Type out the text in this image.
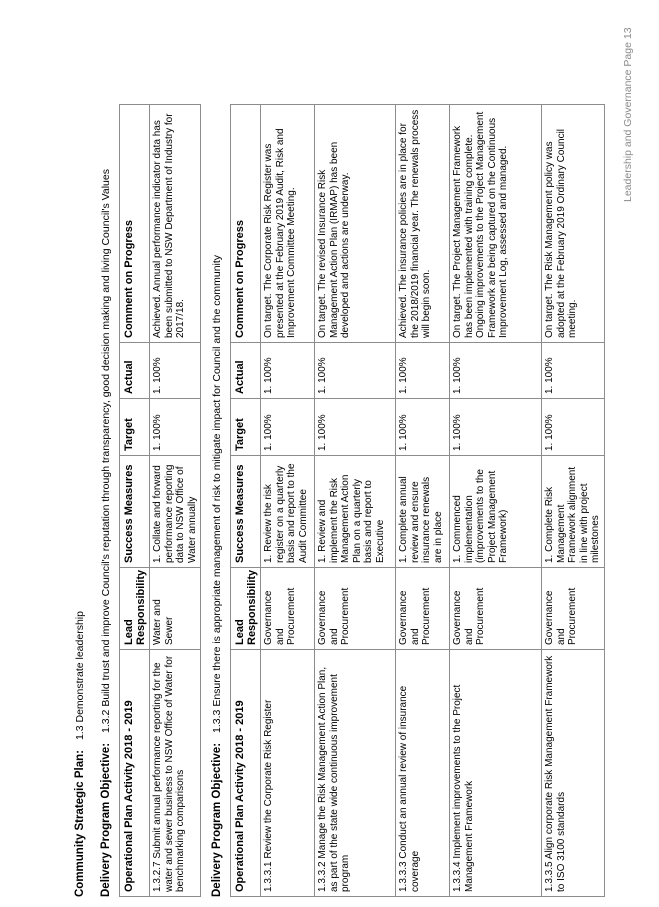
Community Strategic Plan:1.3 Demonstrate leadership
Delivery Program Objective:1.3.2 Build trust and improve Council's reputation through transparency, good decision making and living Council's Values
Operational Plan Activity 2018 - 2019	Lead Responsibility	Success Measures	Target	Actual	Comment on Progress
1.3.2.7 Submit annual performance reporting for the water and sewer business to NSW Office of Water for benchmarking comparisons	Water and Sewer	1. Collate and forward performance reporting data to NSW Office of Water annually	1. 100%	1. 100%	Achieved. Annual performance indicator data has been submitted to NSW Department of Industry for 2017/18.
Delivery Program Objective:1.3.3 Ensure there is appropriate management of risk to mitigate impact for Council and the community
Operational Plan Activity 2018 - 2019	Lead Responsibility	Success Measures	Target	Actual	Comment on Progress
1.3.3.1 Review the Corporate Risk Register	Governance and Procurement	1. Review the risk register on a quarterly basis and report to the Audit Committee	1. 100%	1. 100%	On target. The Corporate Risk Register was presented at the February 2019 Audit, Risk and Improvement Committee Meeting.
1.3.3.2 Manage the Risk Management Action Plan, as part of the state wide continuous improvement program	Governance and Procurement	1. Review and implement the Risk Management Action Plan on a quarterly basis and report to Executive	1. 100%	1. 100%	On target. The revised Insurance Risk Management Action Plan (IRMAP) has been developed and actions are underway.
1.3.3.3 Conduct an annual review of insurance coverage	Governance and Procurement	1. Complete annual review and ensure insurance renewals are in place	1. 100%	1. 100%	Achieved. The insurance policies are in place for the 2018/2019 financial year. The renewals process will begin soon.
1.3.3.4 Implement improvements to the Project Management Framework	Governance and Procurement	1. Commenced implementation (improvements to the Project Management Framework)	1. 100%	1. 100%	On target. The Project Management Framework has been implemented with training complete. Ongoing improvements to the Project Management Framework are being captured on the Continuous Improvement Log, assessed and managed.
1.3.3.5 Align corporate Risk Management Framework to ISO 3100 standards	Governance and Procurement	1. Complete Risk Management Framework alignment in line with project milestones	1. 100%	1. 100%	On target. The Risk Management policy was adopted at the February 2019 Ordinary Council meeting.
Leadership and Governance Page 13
